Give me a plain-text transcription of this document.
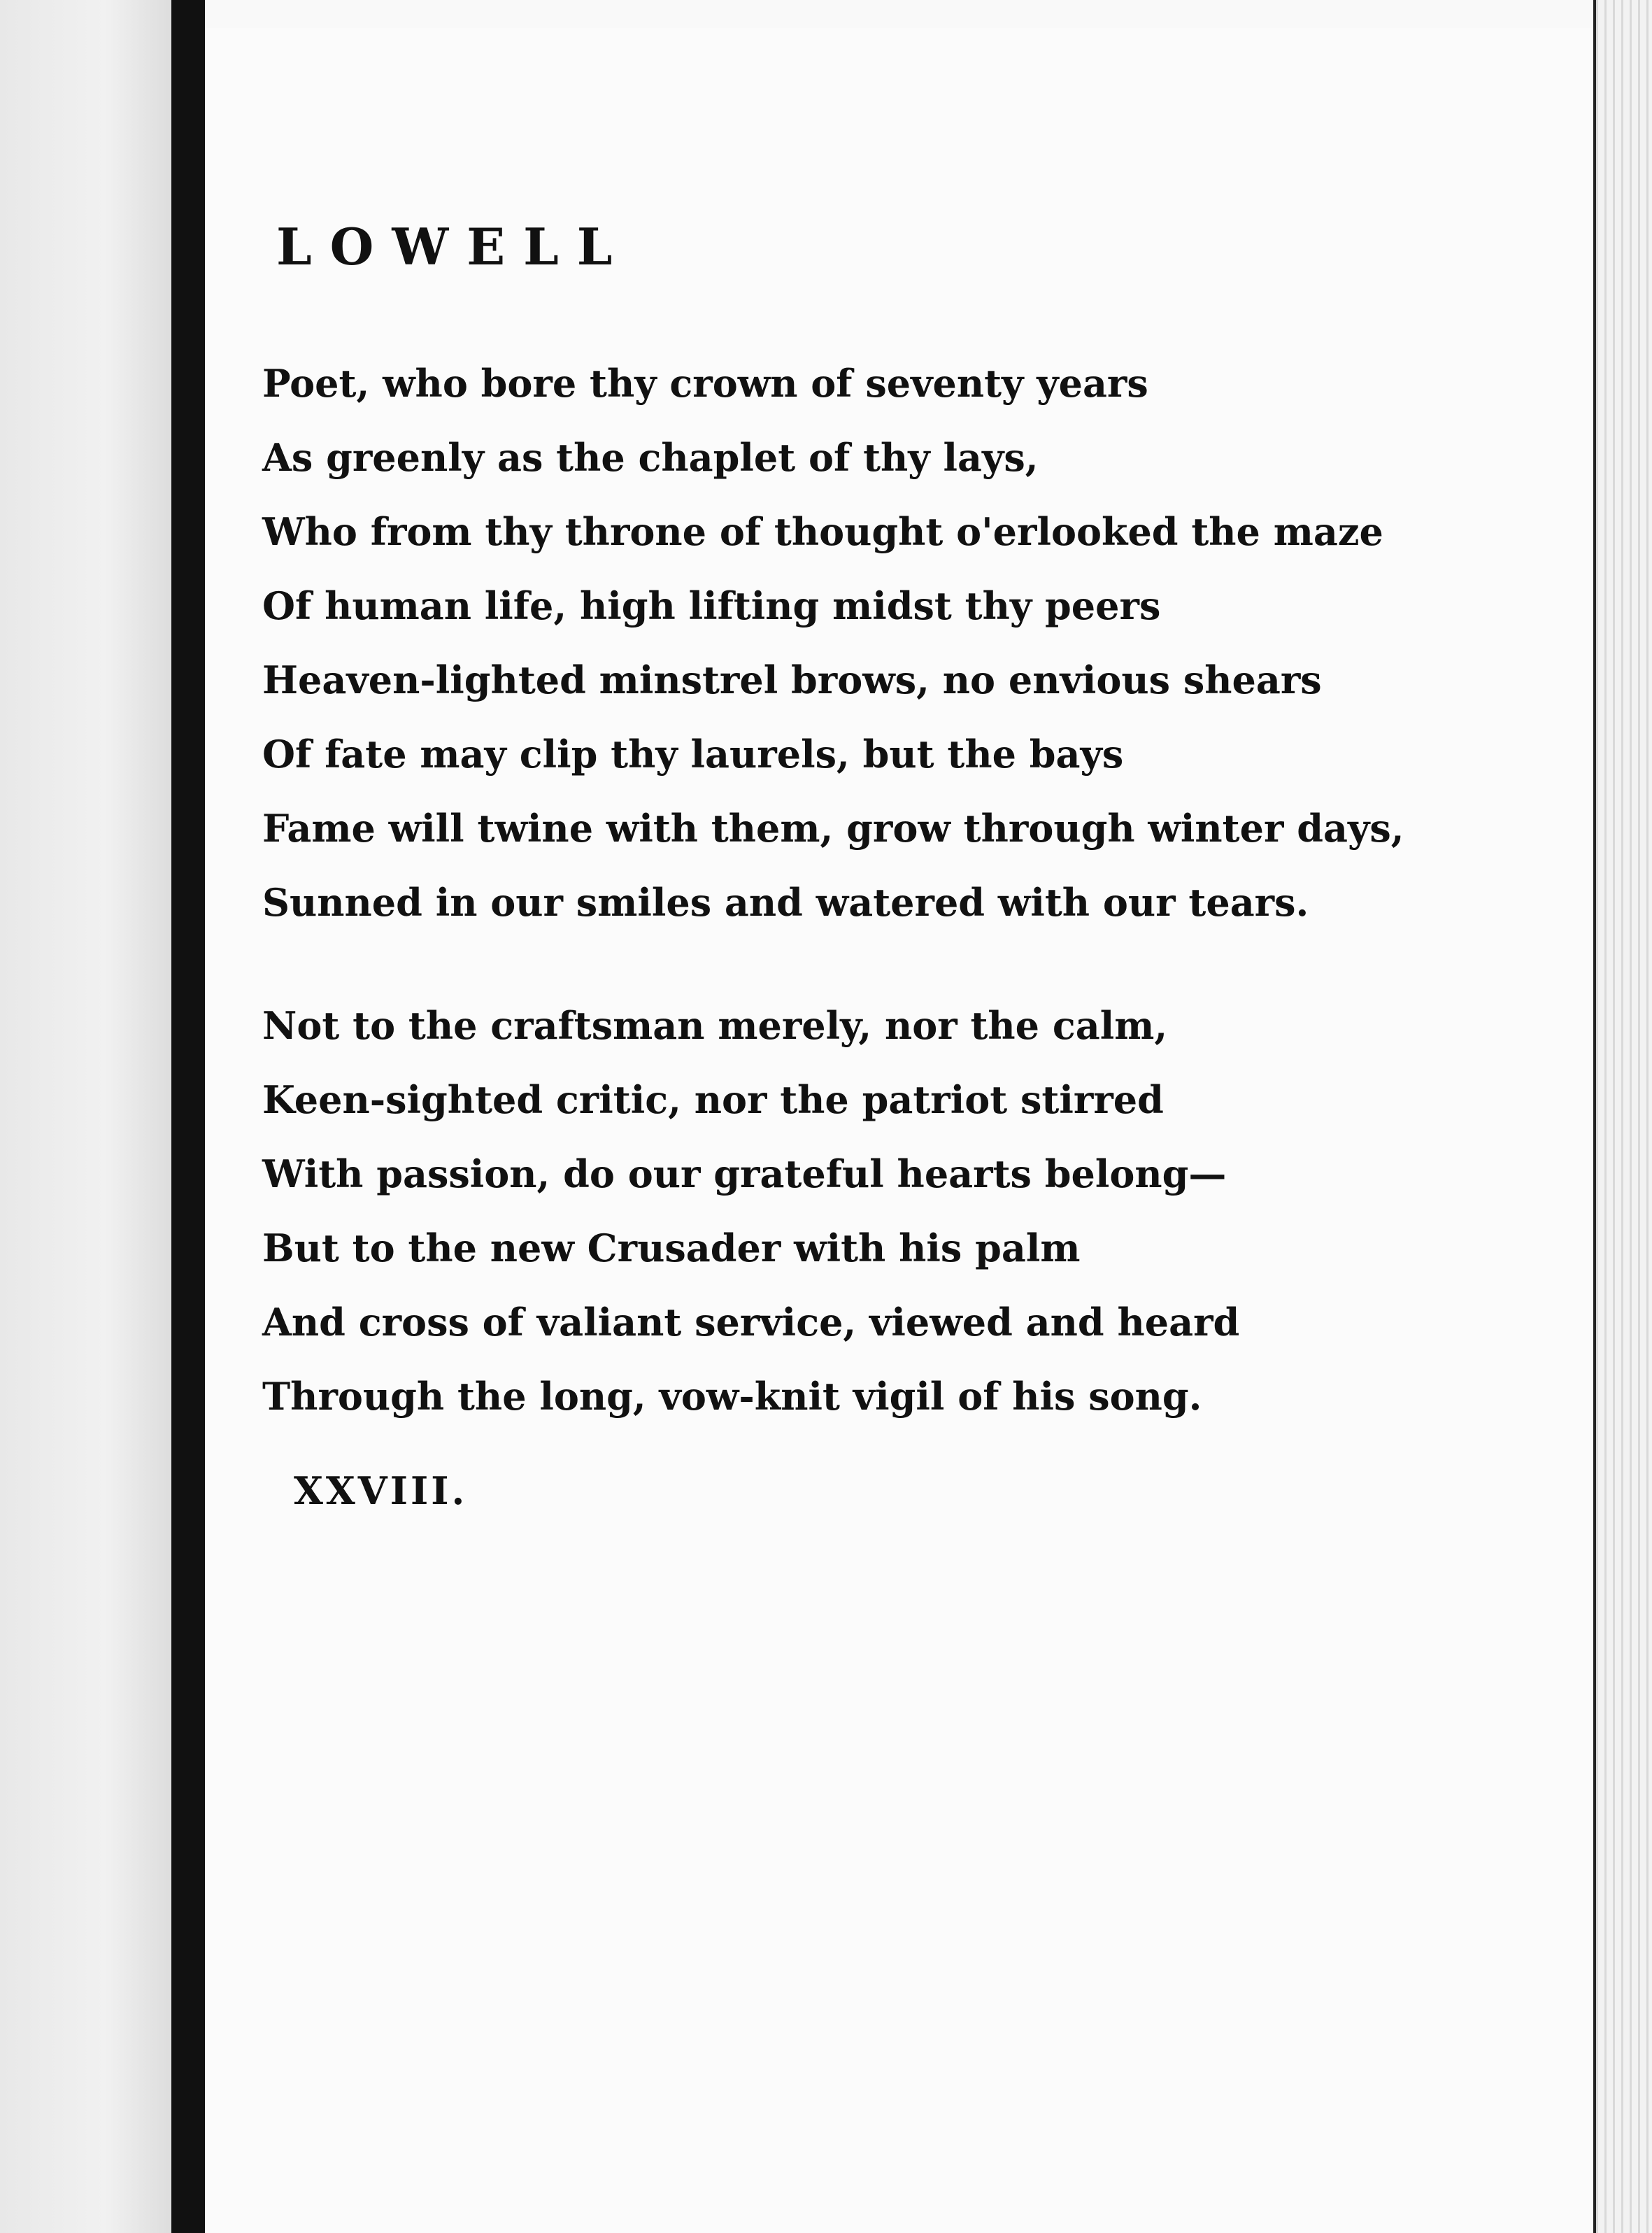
LOWELL
Poet, who bore thy crown of seventy years
As greenly as the chaplet of thy lays,
Who from thy throne of thought o'erlooked the maze
Of human life, high lifting midst thy peers
Heaven-lighted minstrel brows, no envious shears
Of fate may clip thy laurels, but the bays
Fame will twine with them, grow through winter days,
Sunned in our smiles and watered with our tears.
Not to the craftsman merely, nor the calm,
Keen-sighted critic, nor the patriot stirred
With passion, do our grateful hearts belong—
But to the new Crusader with his palm
And cross of valiant service, viewed and heard
Through the long, vow-knit vigil of his song.
XXVIII.
